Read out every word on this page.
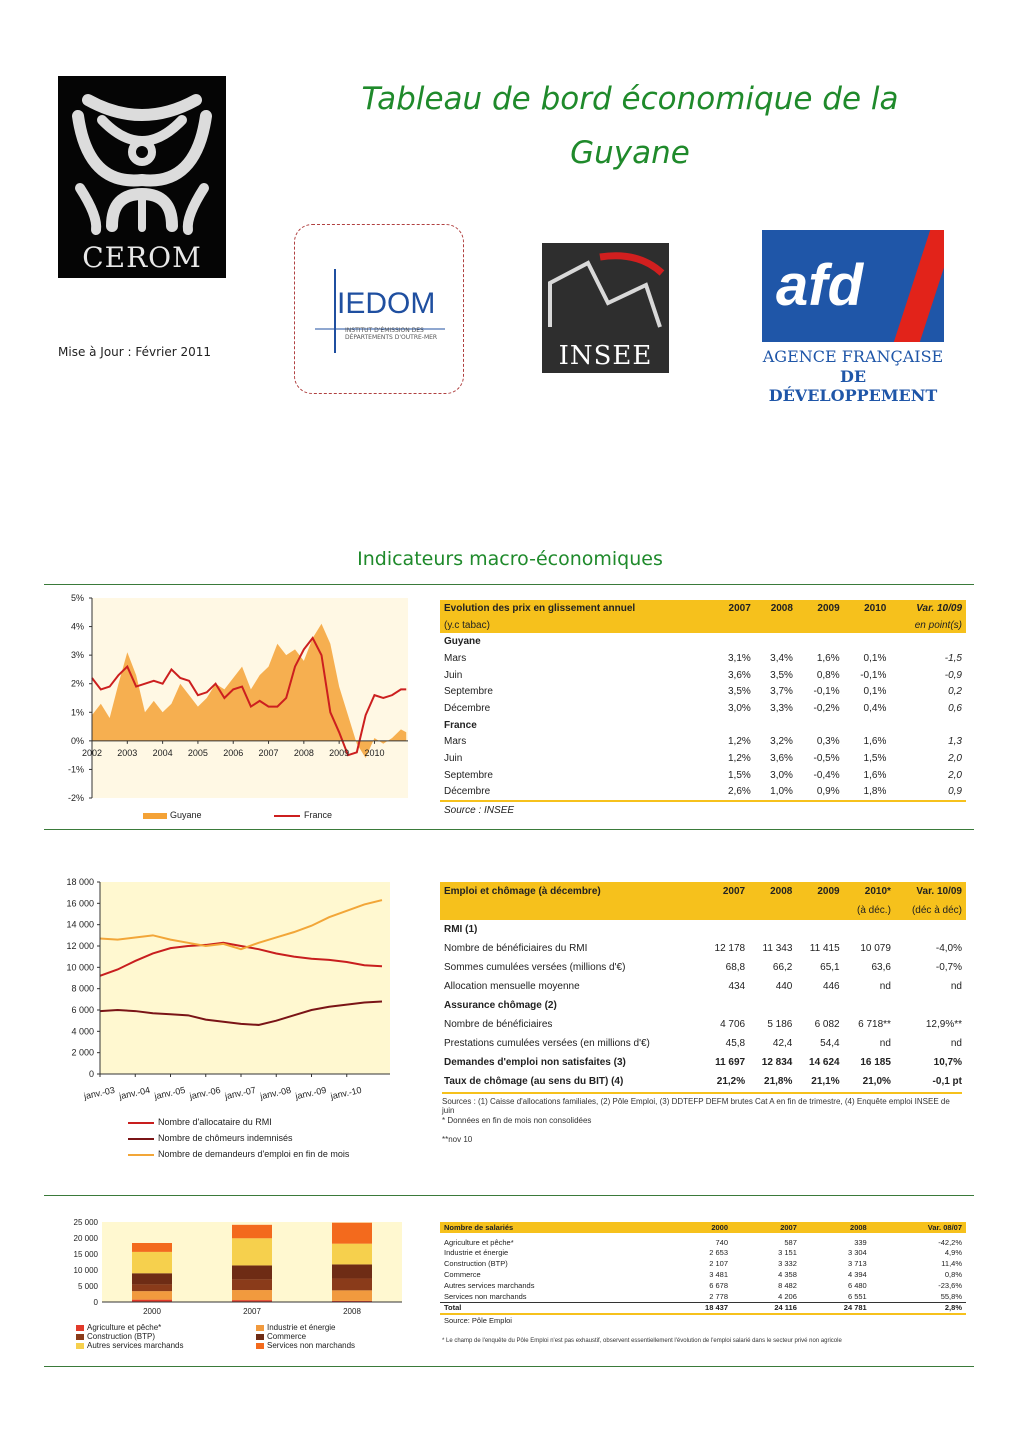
Tableau de bord économique de la
Guyane
CEROM
Mise à Jour : Février 2011
IEDOM
INSTITUT D'ÉMISSION DES DÉPARTEMENTS D'OUTRE-MER
INSEE
afd
AGENCE FRANÇAISE
DE DÉVELOPPEMENT
Indicateurs macro-économiques
5%
4%
3%
2%
1%
0%
-1%
-2%
2002 2003 2004 2005 2006 2007 2008 2009 2010
Guyane	France
Evolution des prix en glissement annuel	2007	2008	2009	2010	Var. 10/09
(y.c tabac)					en point(s)
Guyane					
Mars	3,1%	3,4%	1,6%	0,1%	-1,5
Juin	3,6%	3,5%	0,8%	-0,1%	-0,9
Septembre	3,5%	3,7%	-0,1%	0,1%	0,2
Décembre	3,0%	3,3%	-0,2%	0,4%	0,6
France					
Mars	1,2%	3,2%	0,3%	1,6%	1,3
Juin	1,2%	3,6%	-0,5%	1,5%	2,0
Septembre	1,5%	3,0%	-0,4%	1,6%	2,0
Décembre	2,6%	1,0%	0,9%	1,8%	0,9
Source : INSEE					
18 000
16 000
14 000
12 000
10 000
8 000
6 000
4 000
2 000
0
janv.-03 janv.-04 janv.-05 janv.-06 janv.-07 janv.-08 janv.-09 janv.-10
Nombre d'allocataire du RMI
Nombre de chômeurs indemnisés
Nombre de demandeurs d'emploi en fin de mois
Emploi et chômage (à décembre)	2007	2008	2009	2010*	Var. 10/09
				(à déc.)	(déc à déc)
RMI (1)					
Nombre de bénéficiaires du RMI	12 178	11 343	11 415	10 079	-4,0%
Sommes cumulées versées (millions d'€)	68,8	66,2	65,1	63,6	-0,7%
Allocation mensuelle moyenne	434	440	446	nd	nd
Assurance chômage (2)					
Nombre de bénéficiaires	4 706	5 186	6 082	6 718**	12,9%**
Prestations cumulées versées (en millions d'€)	45,8	42,4	54,4	nd	nd
Demandes d'emploi non satisfaites (3)	11 697	12 834	14 624	16 185	10,7%
Taux de chômage (au sens du BIT) (4)	21,2%	21,8%	21,1%	21,0%	-0,1 pt
Sources : (1) Caisse d'allocations familiales, (2) Pôle Emploi, (3) DDTEFP DEFM brutes Cat A en fin de trimestre, (4) Enquête emploi INSEE de juin
* Données en fin de mois non consolidées
**nov 10
25 000
20 000
15 000
10 000
5 000
0
2000	2007	2008
Agriculture et pêche*	Industrie et énergie
Construction (BTP)	Commerce
Autres services marchands	Services non marchands
Nombre de salariés	2000	2007	2008	Var. 08/07

Agriculture et pêche*	740	587	339	-42,2%
Industrie et énergie	2 653	3 151	3 304	4,9%
Construction (BTP)	2 107	3 332	3 713	11,4%
Commerce	3 481	4 358	4 394	0,8%
Autres services marchands	6 678	8 482	6 480	-23,6%
Services non marchands	2 778	4 206	6 551	55,8%
Total	18 437	24 116	24 781	2,8%
Source: Pôle Emploi				
* Le champ de l'enquête du Pôle Emploi n'est pas exhaustif, observent essentiellement l'évolution de l'emploi salarié dans le secteur privé non agricole
